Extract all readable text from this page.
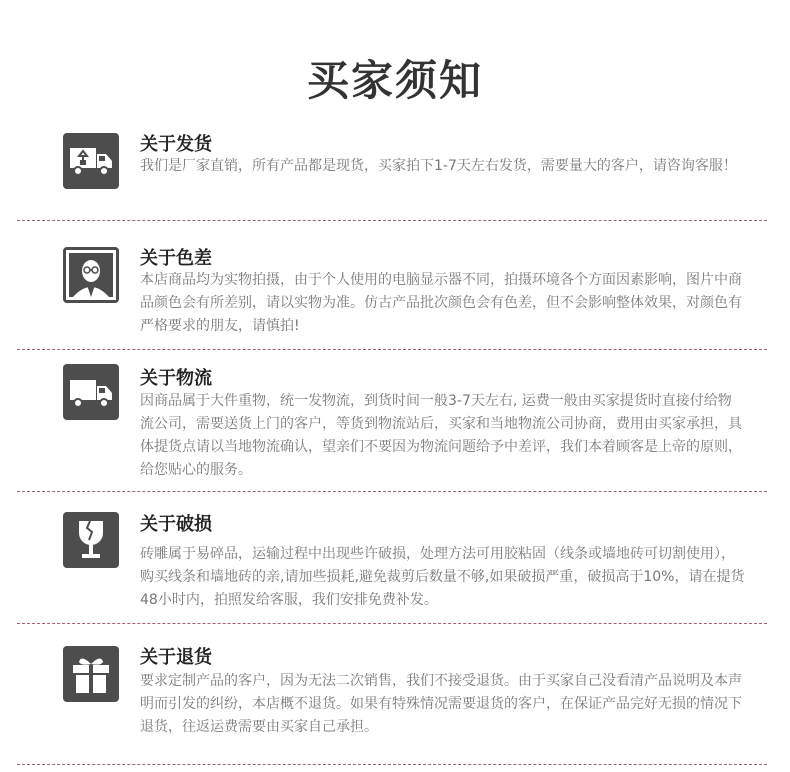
买家须知
关于发货
我们是厂家直销，所有产品都是现货，买家拍下1-7天左右发货，需要量大的客户，请咨询客服！
关于色差
本店商品均为实物拍摄，由于个人使用的电脑显示器不同，拍摄环境各个方面因素影响，图片中商品颜色会有所差别，请以实物为准。仿古产品批次颜色会有色差，但不会影响整体效果，对颜色有严格要求的朋友，请慎拍!
关于物流
因商品属于大件重物，统一发物流，到货时间一般3-7天左右, 运费一般由买家提货时直接付给物流公司，需要送货上门的客户，等货到物流站后，买家和当地物流公司协商，费用由买家承担，具体提货点请以当地物流确认，望亲们不要因为物流问题给予中差评，我们本着顾客是上帝的原则，给您贴心的服务。
关于破损
砖雕属于易碎品，运输过程中出现些许破损，处理方法可用胶粘固（线条或墙地砖可切割使用），购买线条和墙地砖的亲,请加些损耗,避免裁剪后数量不够,如果破损严重，破损高于10%，请在提货48小时内，拍照发给客服，我们安排免费补发。
关于退货
要求定制产品的客户，因为无法二次销售，我们不接受退货。由于买家自己没看清产品说明及本声明而引发的纠纷，本店概不退货。如果有特殊情况需要退货的客户，在保证产品完好无损的情况下退货，往返运费需要由买家自己承担。
